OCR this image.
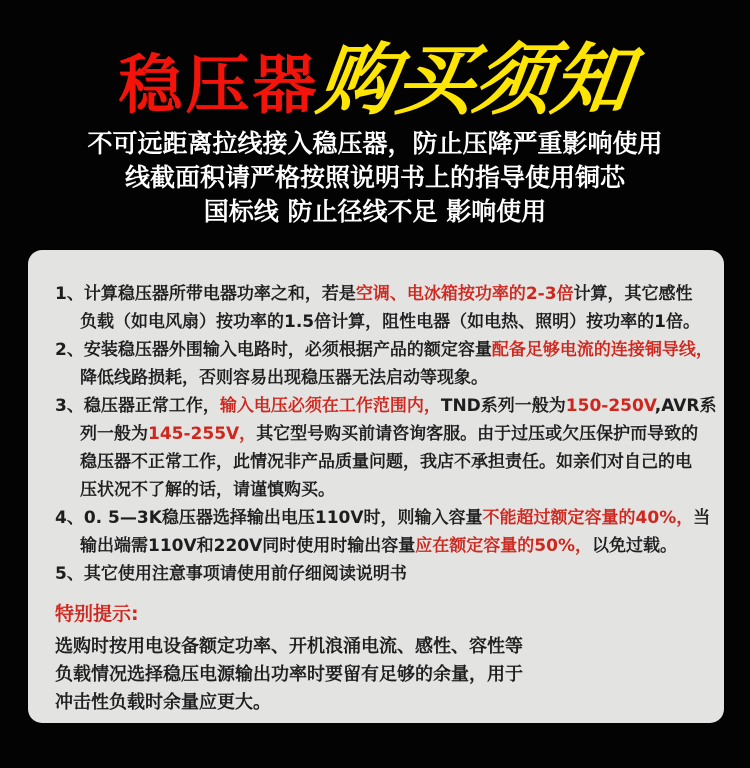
稳压器购买须知
不可远距离拉线接入稳压器，防止压降严重影响使用
线截面积请严格按照说明书上的指导使用铜芯
国标线 防止径线不足 影响使用
1、计算稳压器所带电器功率之和，若是空调、电冰箱按功率的2-3倍计算，其它感性
负载（如电风扇）按功率的1.5倍计算，阻性电器（如电热、照明）按功率的1倍。
2、安装稳压器外围输入电路时，必须根据产品的额定容量配备足够电流的连接铜导线，
降低线路损耗，否则容易出现稳压器无法启动等现象。
3、稳压器正常工作，输入电压必须在工作范围内，TND系列一般为150-250V,AVR系
列一般为145-255V，其它型号购买前请咨询客服。由于过压或欠压保护而导致的
稳压器不正常工作，此情况非产品质量问题，我店不承担责任。如亲们对自己的电
压状况不了解的话，请谨慎购买。
4、0. 5—3K稳压器选择输出电压110V时，则输入容量不能超过额定容量的40%，当
输出端需110V和220V同时使用时输出容量应在额定容量的50%，以免过载。
5、其它使用注意事项请使用前仔细阅读说明书
特别提示:
选购时按用电设备额定功率、开机浪涌电流、感性、容性等
负载情况选择稳压电源输出功率时要留有足够的余量，用于
冲击性负载时余量应更大。
